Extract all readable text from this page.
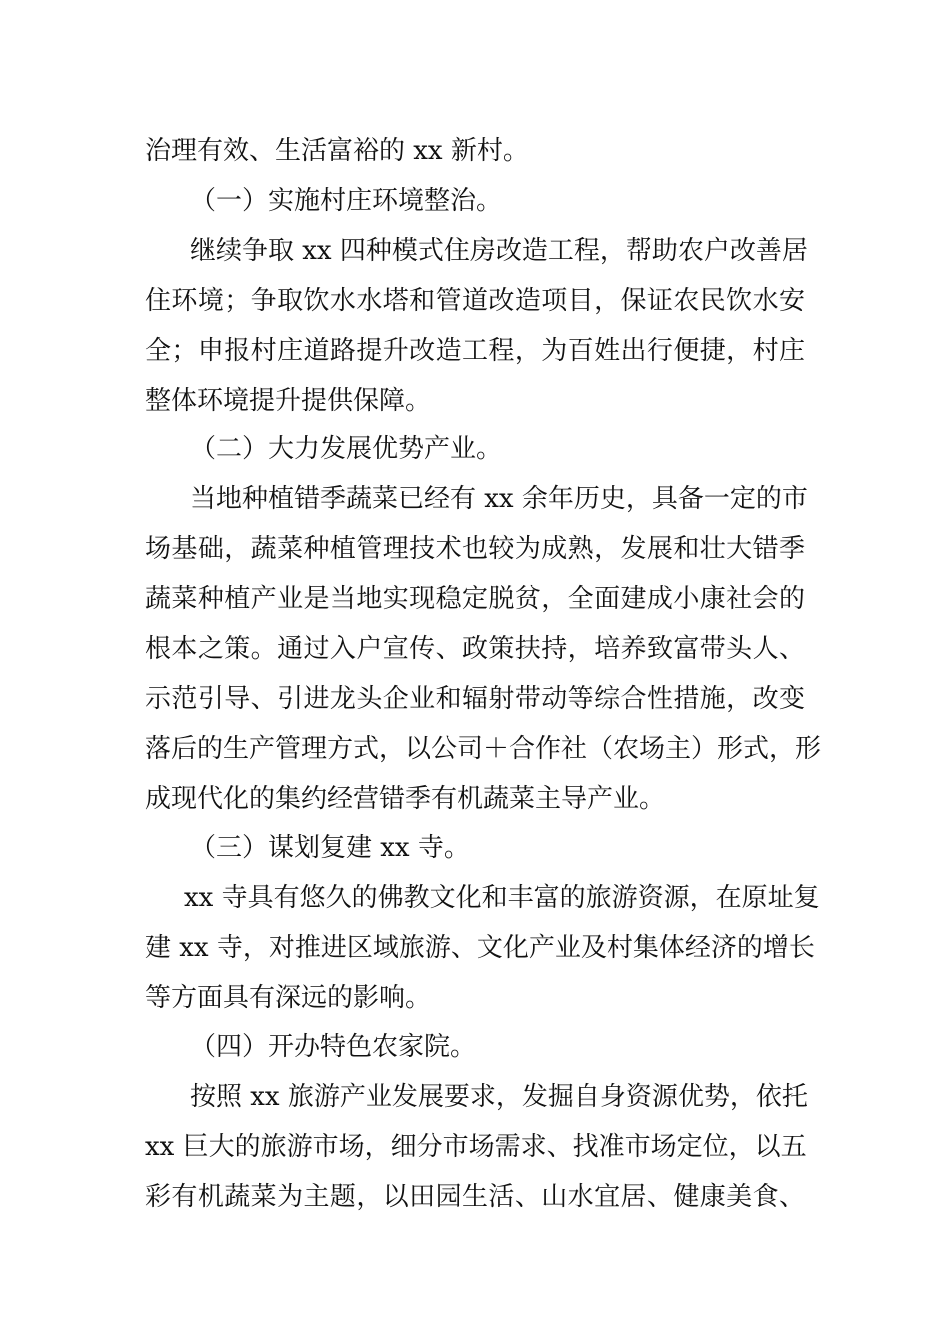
治理有效、生活富裕的 xx 新村。
（一）实施村庄环境整治。
继续争取 xx 四种模式住房改造工程，帮助农户改善居
住环境；争取饮水水塔和管道改造项目，保证农民饮水安
全；申报村庄道路提升改造工程，为百姓出行便捷，村庄
整体环境提升提供保障。
（二）大力发展优势产业。
当地种植错季蔬菜已经有 xx 余年历史，具备一定的市
场基础，蔬菜种植管理技术也较为成熟，发展和壮大错季
蔬菜种植产业是当地实现稳定脱贫，全面建成小康社会的
根本之策。通过入户宣传、政策扶持，培养致富带头人、
示范引导、引进龙头企业和辐射带动等综合性措施，改变
落后的生产管理方式，以公司＋合作社（农场主）形式，形
成现代化的集约经营错季有机蔬菜主导产业。
（三）谋划复建 xx 寺。
xx 寺具有悠久的佛教文化和丰富的旅游资源，在原址复
建 xx 寺，对推进区域旅游、文化产业及村集体经济的增长
等方面具有深远的影响。
（四）开办特色农家院。
按照 xx 旅游产业发展要求，发掘自身资源优势，依托
xx 巨大的旅游市场，细分市场需求、找准市场定位，以五
彩有机蔬菜为主题，以田园生活、山水宜居、健康美食、
